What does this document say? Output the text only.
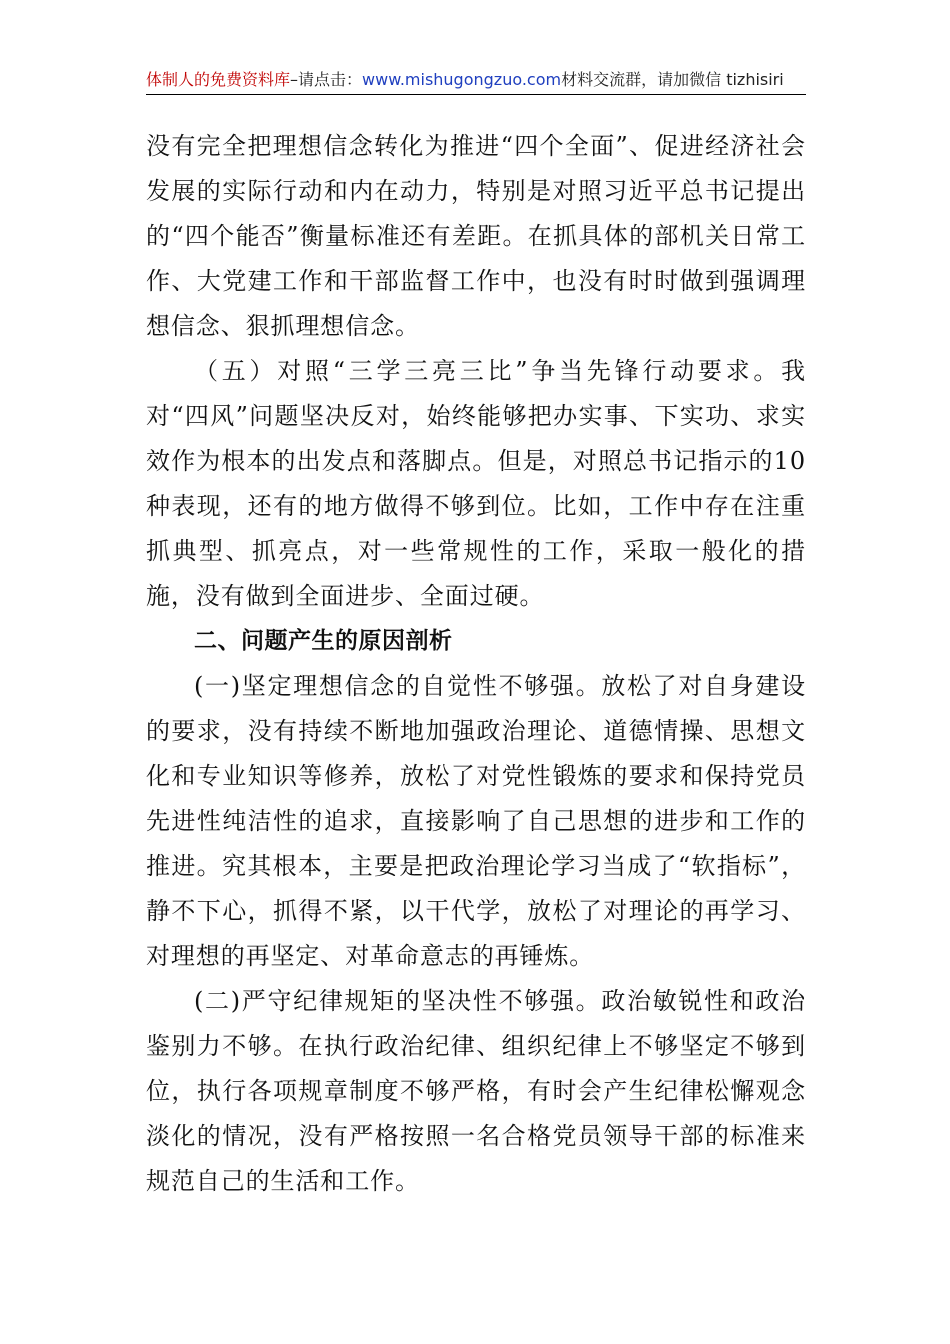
体制人的免费资料库–请点击：www.mishugongzuo.com材料交流群，请加微信 tizhisiri

没有完全把理想信念转化为推进“四个全面”、促进经济社会发展的实际行动和内在动力，特别是对照习近平总书记提出的“四个能否”衡量标准还有差距。在抓具体的部机关日常工作、大党建工作和干部监督工作中，也没有时时做到强调理想信念、狠抓理想信念。

（五）对照“三学三亮三比”争当先锋行动要求。我对“四风”问题坚决反对，始终能够把办实事、下实功、求实效作为根本的出发点和落脚点。但是，对照总书记指示的10种表现，还有的地方做得不够到位。比如，工作中存在注重抓典型、抓亮点，对一些常规性的工作，采取一般化的措施，没有做到全面进步、全面过硬。

二、问题产生的原因剖析

(一)坚定理想信念的自觉性不够强。放松了对自身建设的要求，没有持续不断地加强政治理论、道德情操、思想文化和专业知识等修养，放松了对党性锻炼的要求和保持党员先进性纯洁性的追求，直接影响了自己思想的进步和工作的推进。究其根本，主要是把政治理论学习当成了“软指标”，静不下心，抓得不紧，以干代学，放松了对理论的再学习、对理想的再坚定、对革命意志的再锤炼。

(二)严守纪律规矩的坚决性不够强。政治敏锐性和政治鉴别力不够。在执行政治纪律、组织纪律上不够坚定不够到位，执行各项规章制度不够严格，有时会产生纪律松懈观念淡化的情况，没有严格按照一名合格党员领导干部的标准来规范自己的生活和工作。
